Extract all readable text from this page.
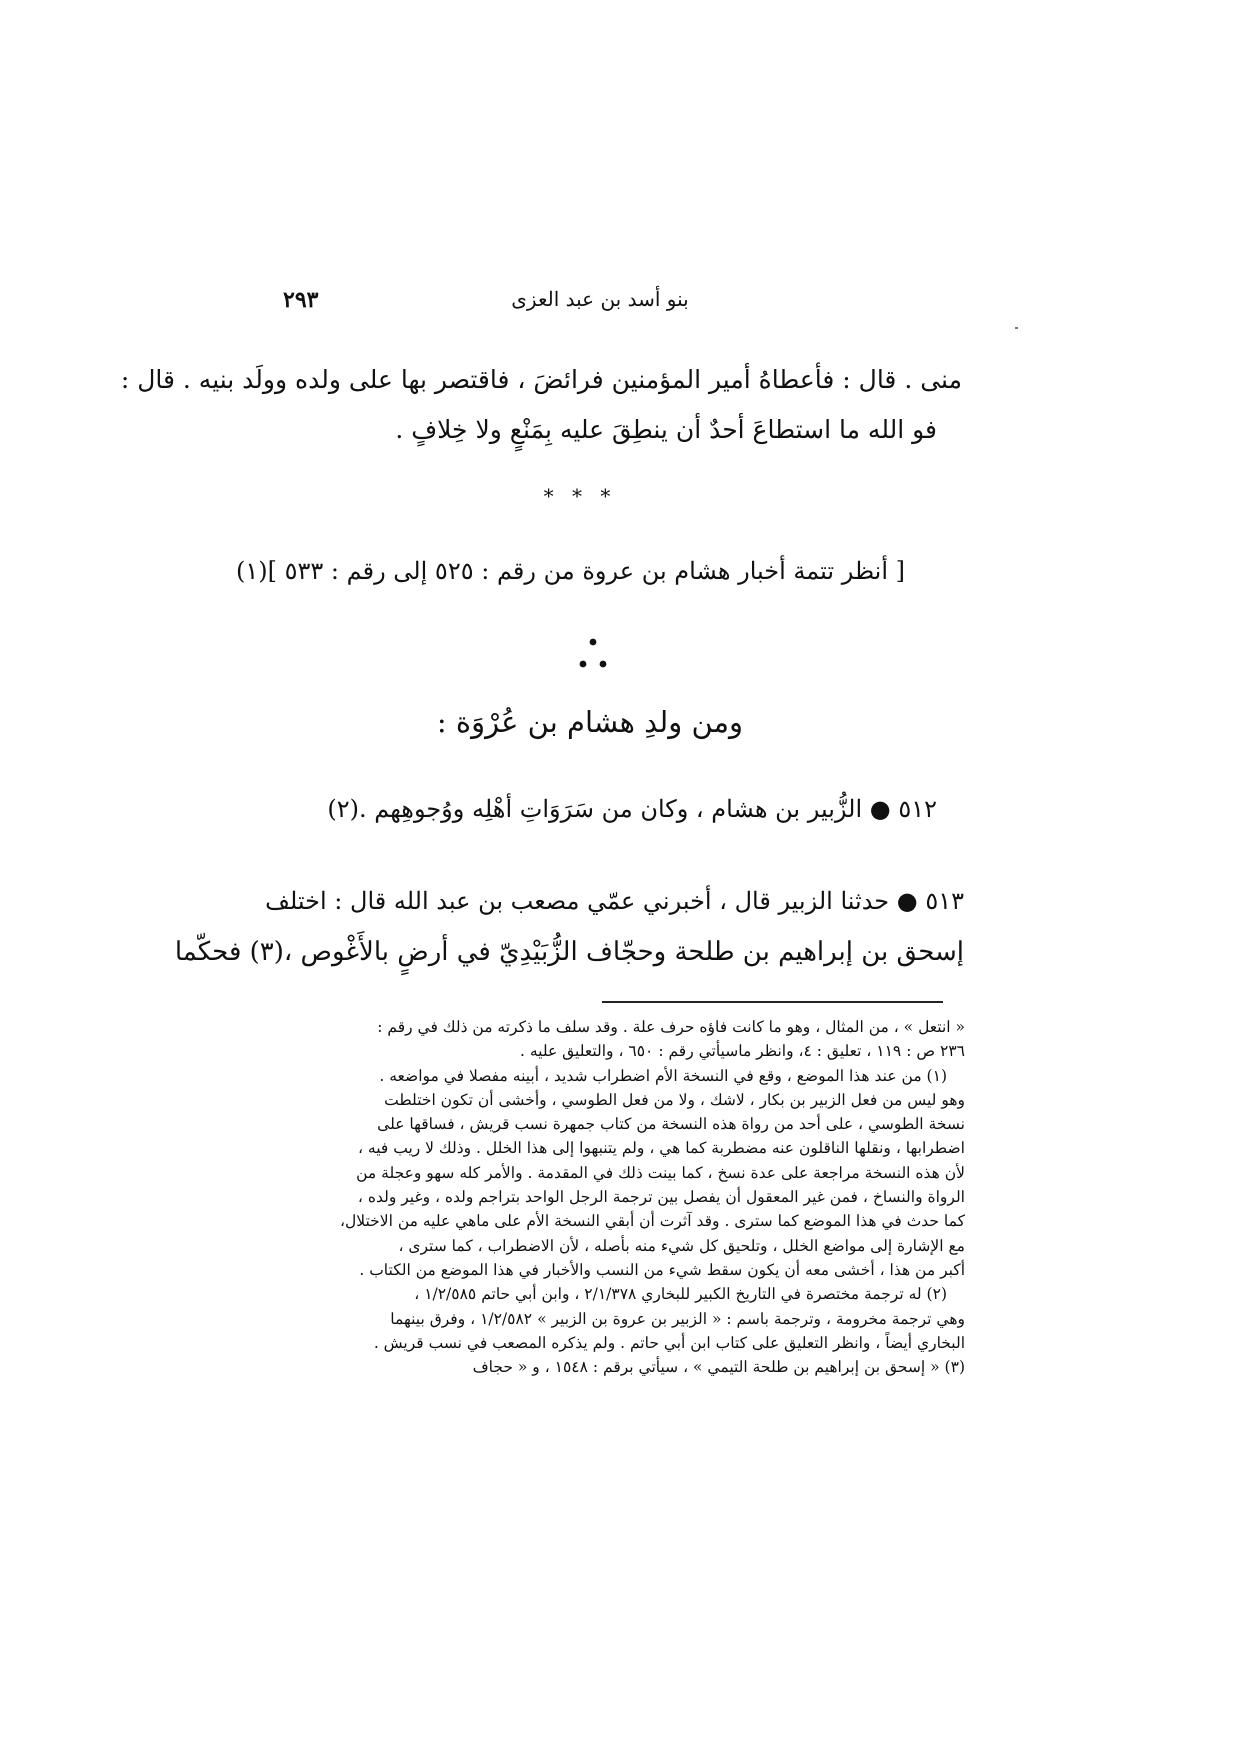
٢٩٣	بنو أسد بن عبد العزى
منى . قال : فأعطاهُ أمير المؤمنين فرائضَ ، فاقتصر بها على ولده وولَد بنيه . قال :
فو الله ما استطاعَ أحدٌ أن ينطِقَ عليه بِمَنْعٍ ولا خِلافٍ .
* * *
[ أنظر تتمة أخبار هشام بن عروة من رقم : ٥٢٥ إلى رقم : ٥٣٣ ](١)
ومن ولدِ هشام بن عُرْوَة :
٥١٢ ● الزُّبير بن هشام ، وكان من سَرَوَاتِ أهْلِه ووُجوهِهم .(٢)
٥١٣ ● حدثنا الزبير قال ، أخبرني عمّي مصعب بن عبد الله قال : اختلف
إسحق بن إبراهيم بن طلحة وحجّاف الزُّبَيْدِيّ في أرضٍ بالأَغْوص ،(٣) فحكّما

« انتعل » ، من المثال ، وهو ما كانت فاؤه حرف علة . وقد سلف ما ذكرته من ذلك في رقم :

٢٣٦ ص : ١١٩ ، تعليق : ٤، وانظر ماسيأتي رقم : ٦٥٠ ، والتعليق عليه .

(١) من عند هذا الموضع ، وقع في النسخة الأم اضطراب شديد ، أبينه مفصلا في مواضعه .

وهو ليس من فعل الزبير بن بكار ، لاشك ، ولا من فعل الطوسي ، وأخشى أن تكون اختلطت

نسخة الطوسي ، على أحد من رواة هذه النسخة من كتاب جمهرة نسب قريش ، فساقها على

اضطرابها ، ونقلها الناقلون عنه مضطربة كما هي ، ولم يتنبهوا إلى هذا الخلل . وذلك لا ريب فيه ،

لأن هذه النسخة مراجعة على عدة نسخ ، كما بينت ذلك في المقدمة . والأمر كله سهو وعجلة من

الرواة والنساخ ، فمن غير المعقول أن يفصل بين ترجمة الرجل الواحد بتراجم ولده ، وغير ولده ،

كما حدث في هذا الموضع كما سترى . وقد آثرت أن أبقي النسخة الأم على ماهي عليه من الاختلال،

مع الإشارة إلى مواضع الخلل ، وتلحيق كل شيء منه بأصله ، لأن الاضطراب ، كما سترى ،

أكبر من هذا ، أخشى معه أن يكون سقط شيء من النسب والأخبار في هذا الموضع من الكتاب .

(٢) له ترجمة مختصرة في التاريخ الكبير للبخاري ٢/١/٣٧٨ ، وابن أبي حاتم ١/٢/٥٨٥ ،

وهي ترجمة مخرومة ، وترجمة باسم : « الزبير بن عروة بن الزبير » ١/٢/٥٨٢ ، وفرق بينهما

البخاري أيضاً ، وانظر التعليق على كتاب ابن أبي حاتم . ولم يذكره المصعب في نسب قريش .

(٣) « إسحق بن إبراهيم بن طلحة التيمي » ، سيأتي برقم : ١٥٤٨ ، و « حجاف
